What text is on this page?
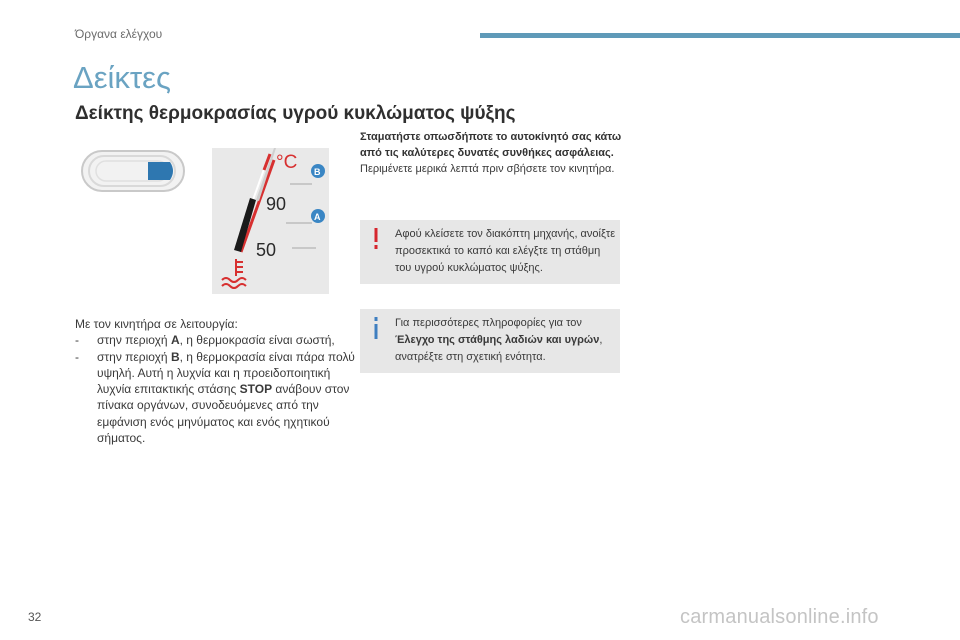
Όργανα ελέγχου
Δείκτες
Δείκτης θερμοκρασίας υγρού κυκλώματος ψύξης
°C
90
50
B
A

Με τον κινητήρα σε λειτουργία:

- στην περιοχή A, η θερμοκρασία είναι σωστή,

- στην περιοχή B, η θερμοκρασία είναι πάρα πολύ υψηλή. Αυτή η λυχνία και η προειδοποιητική λυχνία επιτακτικής στάσης STOP ανάβουν στον πίνακα οργάνων, συνοδευόμενες από την εμφάνιση ενός μηνύματος και ενός ηχητικού σήματος.

Σταματήστε οπωσδήποτε το αυτοκίνητό σας κάτω από τις καλύτερες δυνατές συνθήκες ασφάλειας.
Περιμένετε μερικά λεπτά πριν σβήσετε τον κινητήρα.
Αφού κλείσετε τον διακόπτη μηχανής, ανοίξτε προσεκτικά το καπό και ελέγξτε τη στάθμη του υγρού κυκλώματος ψύξης.
Για περισσότερες πληροφορίες για τον Έλεγχο της στάθμης λαδιών και υγρών, ανατρέξτε στη σχετική ενότητα.
32	carmanualsonline.info
